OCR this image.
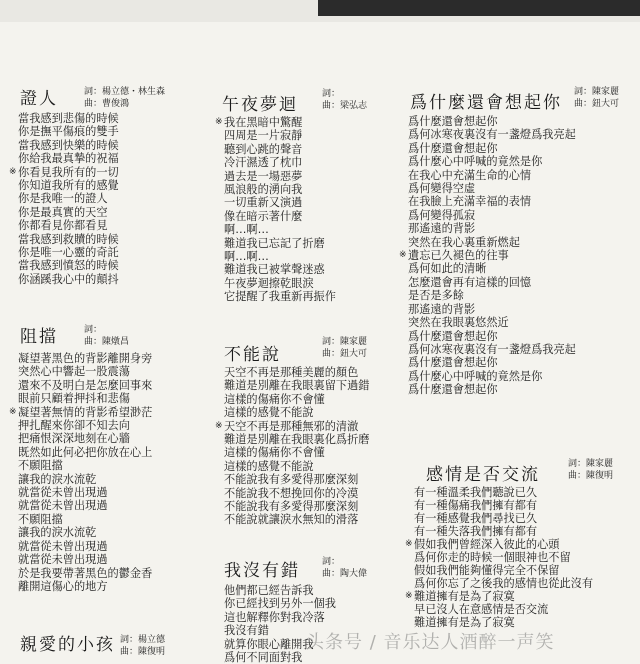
證人	詞：楊立德・林生森
曲：曹俊鴻
當我感到悲傷的時候
你是撫平傷痕的雙手
當我感到快樂的時候
你給我最真摯的祝福
※ 你看見我所有的一切
你知道我所有的感覺
你是我唯一的證人
你是最真實的天空
你都看見你都看見
當我感到救贖的時候
你是唯一心靈的奇託
當我感到憤怒的時候
你涵蹊我心中的顛抖
阻擋	詞：
曲：陳燉昌
凝望著黑色的背影離開身旁
突然心中響起一股震蕩
還來不及明白是怎麼回事來
眼前只顧着押抖和悲傷
※ 凝望著無情的背影希望渺茫
押扎醒來你卻不知去向
把痛恨深深地刻在心牆
既然如此何必把你放在心上
不願阻擋
讓我的淚水流乾
就當從未曾出現過
就當從未曾出現過
不願阻擋
讓我的淚水流乾
就當從未曾出現過
就當從未曾出現過
於是我要帶著黑色的鬱金香
離開這傷心的地方
親愛的小孩 詞：楊立德
曲：陳復明
午夜夢迴
詞：
曲：梁弘志
※ 我在黑暗中驚醒
四周是一片寂靜
聽到心跳的聲音
冷汗濕透了枕巾
過去是一場惡夢
風浪般的湧向我
一切重新又演過
像在暗示著什麼
啊…啊…
難道我已忘記了折磨
啊…啊…
難道我已被掌聲迷惑
午夜夢迴擦乾眼淚
它提醒了我重新再振作
不能說
詞：陳家麗
曲：鈕大可
天空不再是那種美麗的顏色
難道是別離在我眼裏留下過錯
這樣的傷痛你不會懂
這樣的感覺不能說
※ 天空不再是那種無邪的清澈
難道是別離在我眼裏化爲折磨
這樣的傷痛你不會懂
這樣的感覺不能說
不能說我有多愛得那麼深刻
不能說我不想挽回你的冷漠
不能說我有多愛得那麼深刻
不能說就讓淚水無知的滑落
我沒有錯 詞：
曲：陶大偉
他們都已經告訴我
你已經找到另外一個我
這也解釋你對我冷落
我沒有錯
就算你眼心離開我
爲何不同面對我
爲什麼還會想起你
詞：陳家麗
曲：鈕大可
爲什麼還會想起你
爲何冰寒夜裏沒有一盞燈爲我亮起
爲什麼還會想起你
爲什麼心中呼喊的竟然是你
在我心中充滿生命的心情
爲何變得空虛
在我臉上充滿幸福的表情
爲何變得孤寂
那遙遠的背影
突然在我心裏重新燃起
※ 遺忘已久褪色的往事
爲何如此的清晰
怎麼還會再有這樣的回憶
是否是多餘
那遙遠的背影
突然在我眼裏悠然近
爲什麼還會想起你
爲何冰寒夜裏沒有一盞燈爲我亮起
爲什麼還會想起你
爲什麼心中呼喊的竟然是你
爲什麼還會想起你
感情是否交流
詞：陳家麗
曲：陳復明
有一種溫柔我們聽說已久
有一種傷痛我們擁有都有
有一種感覺我們尋找已久
有一種失落我們擁有都有
※ 假如我們曾經深入彼此的心頭
爲何你走的時候一個眼神也不留
假如我們能夠懂得完全不保留
爲何你忘了之後我的感情也從此沒有
※ 難道擁有是為了寂寞
早已沒人在意感情是否交流
難道擁有是為了寂寞
头条号 / 音乐达人酒醉一声笑
